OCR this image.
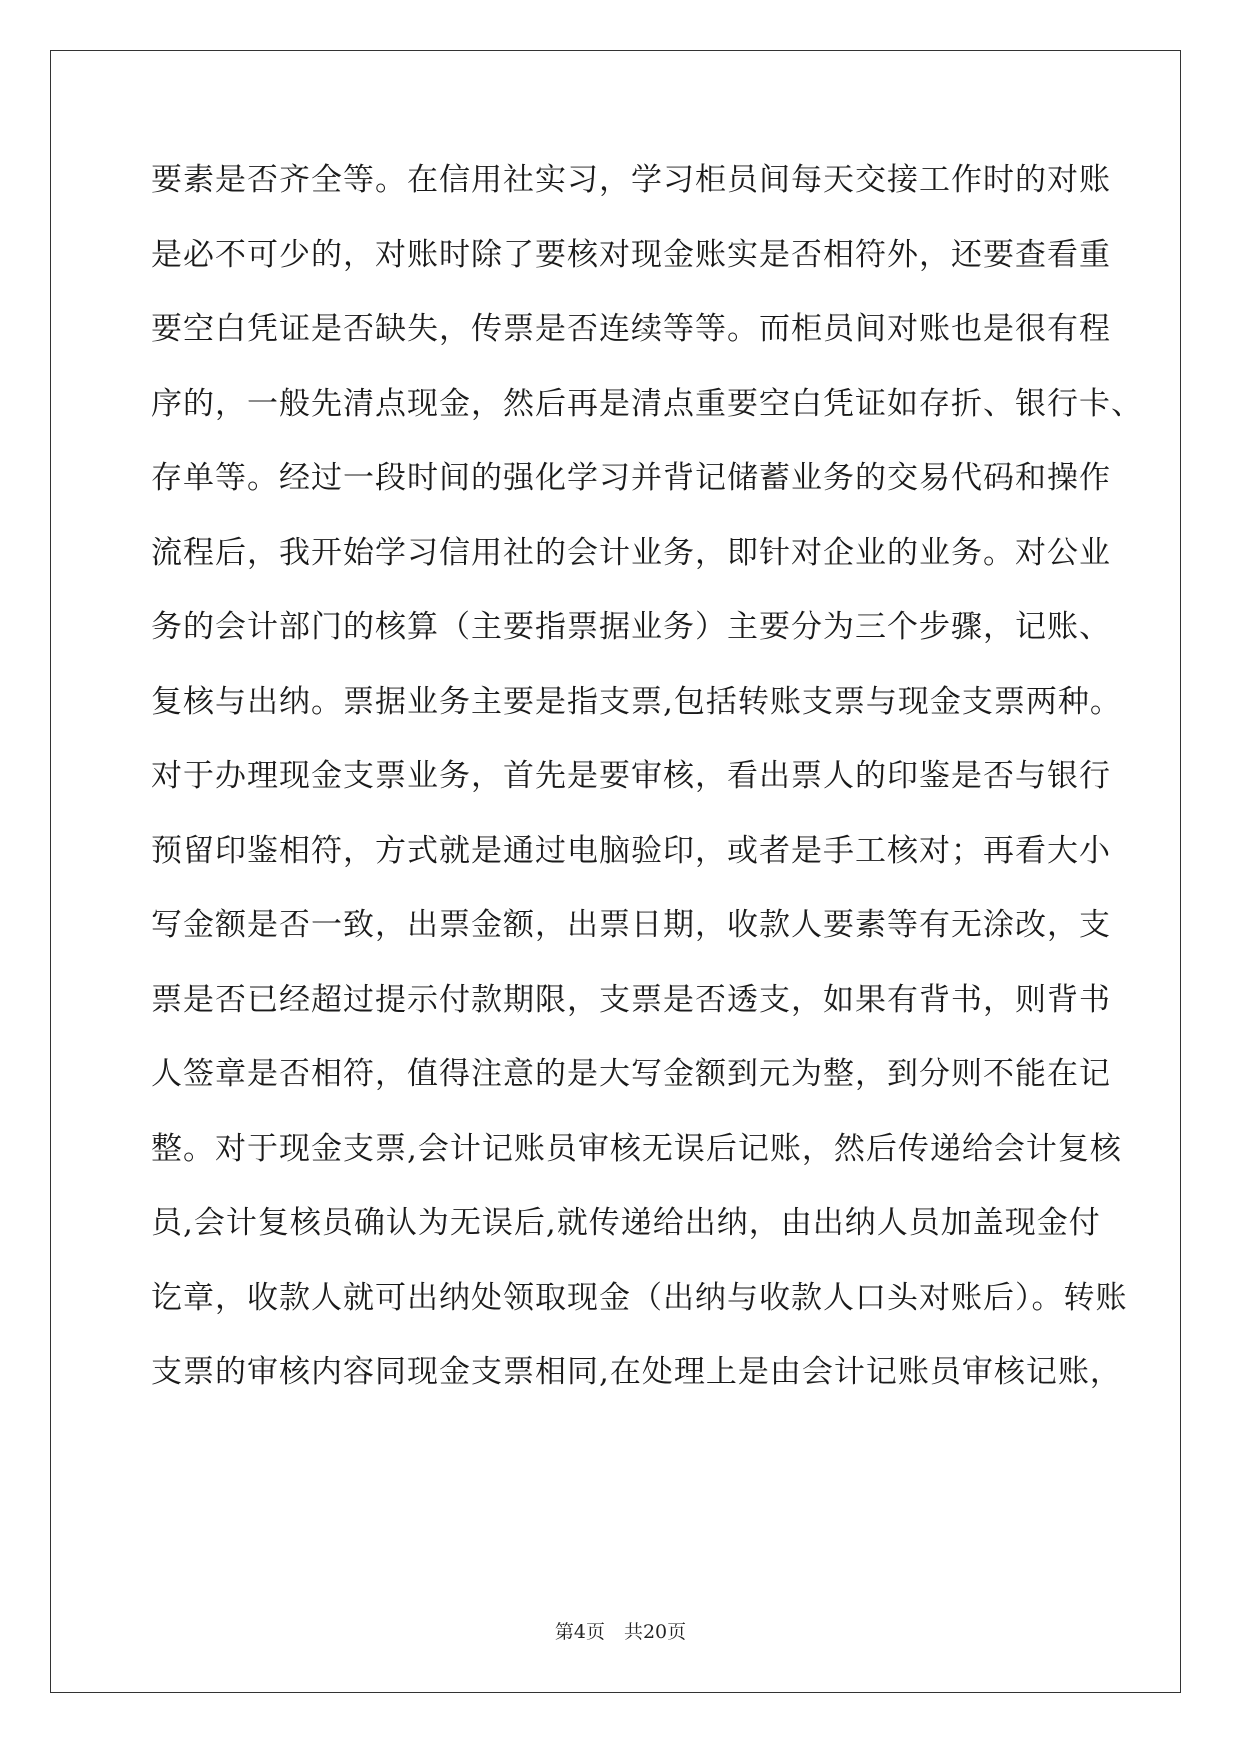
要素是否齐全等。在信用社实习，学习柜员间每天交接工作时的对账
是必不可少的，对账时除了要核对现金账实是否相符外，还要查看重
要空白凭证是否缺失，传票是否连续等等。而柜员间对账也是很有程
序的，一般先清点现金，然后再是清点重要空白凭证如存折、银行卡、
存单等。经过一段时间的强化学习并背记储蓄业务的交易代码和操作
流程后，我开始学习信用社的会计业务，即针对企业的业务。对公业
务的会计部门的核算（主要指票据业务）主要分为三个步骤，记账、
复核与出纳。票据业务主要是指支票,包括转账支票与现金支票两种。
对于办理现金支票业务，首先是要审核，看出票人的印鉴是否与银行
预留印鉴相符，方式就是通过电脑验印，或者是手工核对；再看大小
写金额是否一致，出票金额，出票日期，收款人要素等有无涂改，支
票是否已经超过提示付款期限，支票是否透支，如果有背书，则背书
人签章是否相符，值得注意的是大写金额到元为整，到分则不能在记
整。对于现金支票,会计记账员审核无误后记账，然后传递给会计复核
员,会计复核员确认为无误后,就传递给出纳，由出纳人员加盖现金付
讫章，收款人就可出纳处领取现金（出纳与收款人口头对账后）。转账
支票的审核内容同现金支票相同,在处理上是由会计记账员审核记账，
第4页　共20页
